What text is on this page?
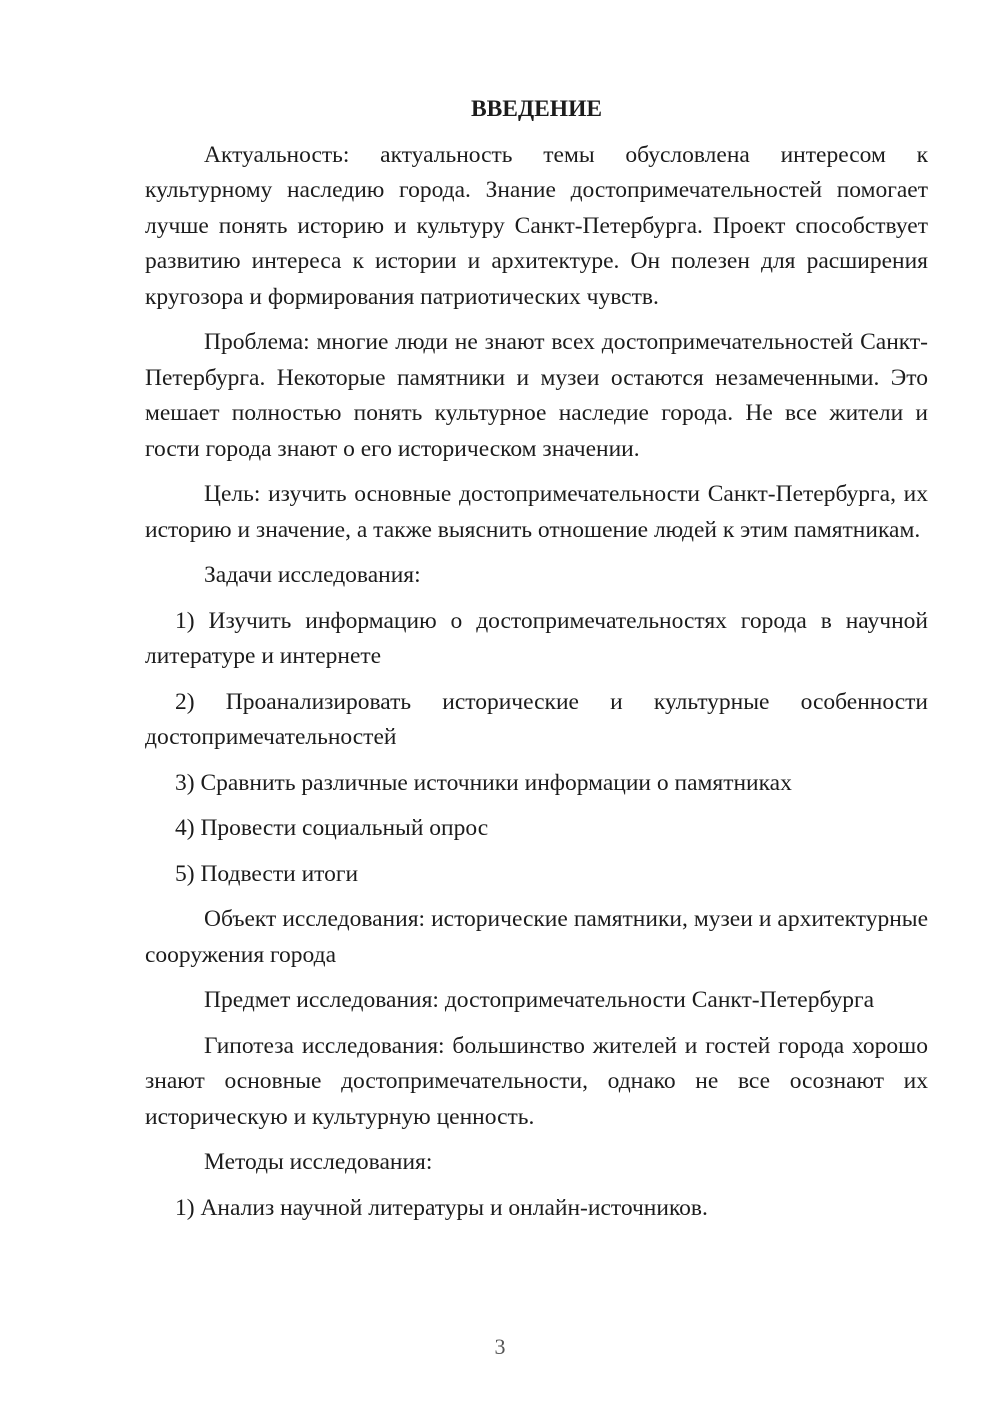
ВВЕДЕНИЕ

Актуальность: актуальность темы обусловлена интересом к культурному наследию города. Знание достопримечательностей помогает лучше понять историю и культуру Санкт-Петербурга. Проект способствует развитию интереса к истории и архитектуре. Он полезен для расширения кругозора и формирования патриотических чувств.

Проблема: многие люди не знают всех достопримечательностей Санкт-Петербурга. Некоторые памятники и музеи остаются незамеченными. Это мешает полностью понять культурное наследие города. Не все жители и гости города знают о его историческом значении.

Цель: изучить основные достопримечательности Санкт-Петербурга, их историю и значение, а также выяснить отношение людей к этим памятникам.

Задачи исследования:

1) Изучить информацию о достопримечательностях города в научной литературе и интернете

2) Проанализировать исторические и культурные особенности достопримечательностей

3) Сравнить различные источники информации о памятниках

4) Провести социальный опрос

5) Подвести итоги

Объект исследования: исторические памятники, музеи и архитектурные сооружения города

Предмет исследования: достопримечательности Санкт-Петербурга

Гипотеза исследования: большинство жителей и гостей города хорошо знают основные достопримечательности, однако не все осознают их историческую и культурную ценность.

Методы исследования:

1) Анализ научной литературы и онлайн-источников.

3
